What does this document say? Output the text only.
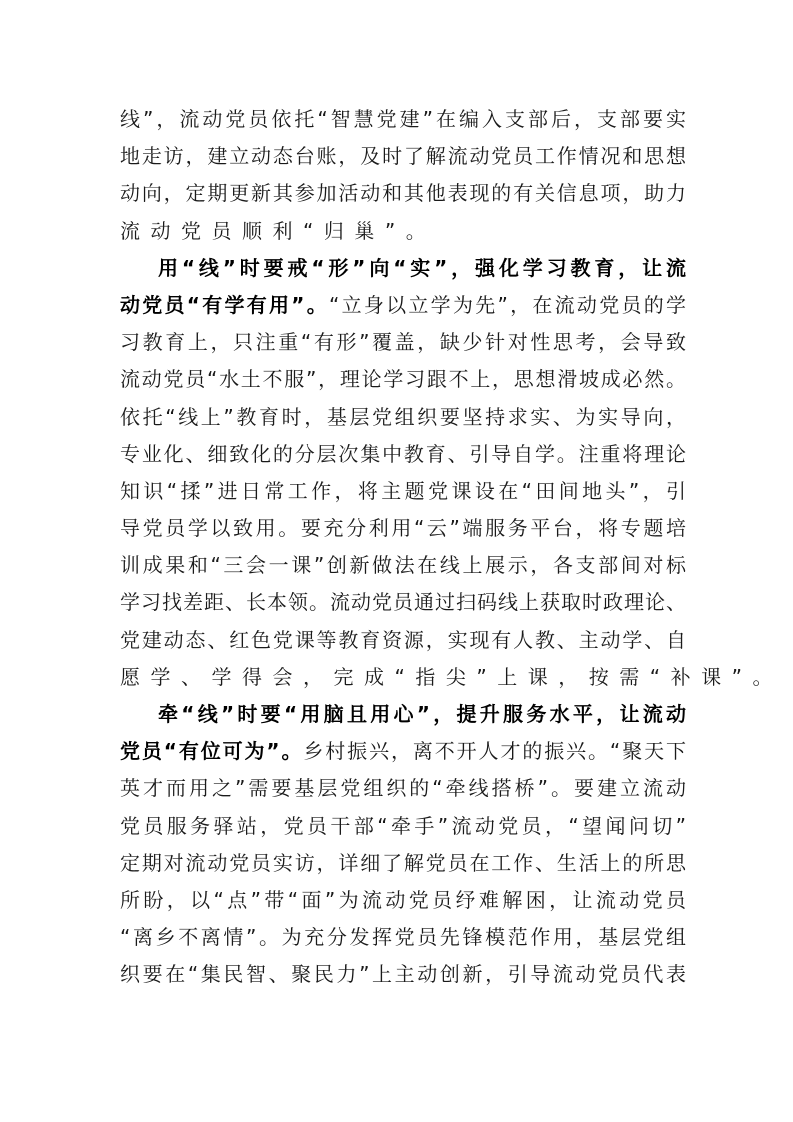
线”，流动党员依托“智慧党建”在编入支部后，支部要实
地走访，建立动态台账，及时了解流动党员工作情况和思想
动向，定期更新其参加活动和其他表现的有关信息项，助力
流动党员顺利“归巢”。
用“线”时要戒“形”向“实”，强化学习教育，让流
动党员“有学有用”。“立身以立学为先”，在流动党员的学
习教育上，只注重“有形”覆盖，缺少针对性思考，会导致
流动党员“水土不服”，理论学习跟不上，思想滑坡成必然。
依托“线上”教育时，基层党组织要坚持求实、为实导向，
专业化、细致化的分层次集中教育、引导自学。注重将理论
知识“揉”进日常工作，将主题党课设在“田间地头”，引
导党员学以致用。要充分利用“云”端服务平台，将专题培
训成果和“三会一课”创新做法在线上展示，各支部间对标
学习找差距、长本领。流动党员通过扫码线上获取时政理论、
党建动态、红色党课等教育资源，实现有人教、主动学、自
愿学、学得会，完成“指尖”上课，按需“补课”。
牵“线”时要“用脑且用心”，提升服务水平，让流动
党员“有位可为”。乡村振兴，离不开人才的振兴。“聚天下
英才而用之”需要基层党组织的“牵线搭桥”。要建立流动
党员服务驿站，党员干部“牵手”流动党员，“望闻问切”
定期对流动党员实访，详细了解党员在工作、生活上的所思
所盼，以“点”带“面”为流动党员纾难解困，让流动党员
“离乡不离情”。为充分发挥党员先锋模范作用，基层党组
织要在“集民智、聚民力”上主动创新，引导流动党员代表
